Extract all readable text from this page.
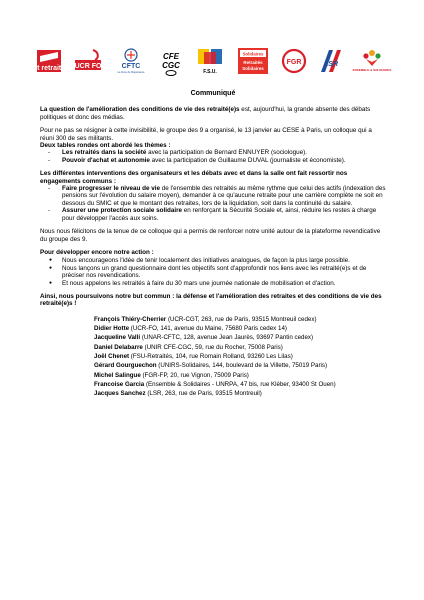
cgt retraités UCR FO	CFTC
La force de l'Espérance
CFE
CGC
F.S.U.
Solidaires
Retraités
Solidaires
FGR	LSR
ENSEMBLE & SOLIDAIRES
Communiqué

La question de l'amélioration des conditions de vie des retraité(e)s est, aujourd'hui, la grande absente des débats politiques et donc des médias.

Pour ne pas se résigner à cette invisibilité, le groupe des 9 a organisé, le 13 janvier au CESE à Paris, un colloque qui a réuni 300 de ses militants.
Deux tables rondes ont abordé les thèmes :

- Les retraités dans la société avec la participation de Bernard ENNUYER (sociologue).
- Pouvoir d'achat et autonomie avec la participation de Guillaume DUVAL (journaliste et économiste).

Les différentes interventions des organisateurs et les débats avec et dans la salle ont fait ressortir nos engagements communs :

- Faire progresser le niveau de vie de l'ensemble des retraités au même rythme que celui des actifs (indexation des pensions sur l'évolution du salaire moyen), demander à ce qu'aucune retraite pour une carrière complète ne soit en dessous du SMIC et que le montant des retraites, lors de la liquidation, soit dans la continuité du salaire.
- Assurer une protection sociale solidaire en renforçant la Sécurité Sociale et, ainsi, réduire les restes à charge pour développer l'accès aux soins.

Nous nous félicitons de la tenue de ce colloque qui a permis de renforcer notre unité autour de la plateforme revendicative du groupe des 9.

Pour développer encore notre action :

● Nous encourageons l'idée de tenir localement des initiatives analogues, de façon la plus large possible.
● Nous lançons un grand questionnaire dont les objectifs sont d'approfondir nos liens avec les retraité(e)s et de préciser nos revendications.
● Et nous appelons les retraités à faire du 30 mars une journée nationale de mobilisation et d'action.

Ainsi, nous poursuivons notre but commun : la défense et l'amélioration des retraites et des conditions de vie des retraité(e)s !

François Thiéry-Cherrier (UCR-CGT, 263, rue de Paris, 93515 Montreuil cedex)
Didier Hotte (UCR-FO, 141, avenue du Maine, 75680 Paris cedex 14)
Jacqueline Valli (UNAR-CFTC, 128, avenue Jean Jaurès, 93697 Pantin cedex)
Daniel Delabarre (UNIR CFE-CGC, 59, rue du Rocher, 75008 Paris)
Joël Chenet (FSU-Retraités, 104, rue Romain Rolland, 93260 Les Lilas)
Gérard Gourguechon (UNIRS-Solidaires, 144, boulevard de la Villette, 75019 Paris)
Michel Salingue (FGR-FP, 20, rue Vignon, 75009 Paris)
Francoise Garcia (Ensemble & Solidaires - UNRPA, 47 bis, rue Kléber, 93400 St Ouen)
Jacques Sanchez (LSR, 263, rue de Paris, 93515 Montreuil)
